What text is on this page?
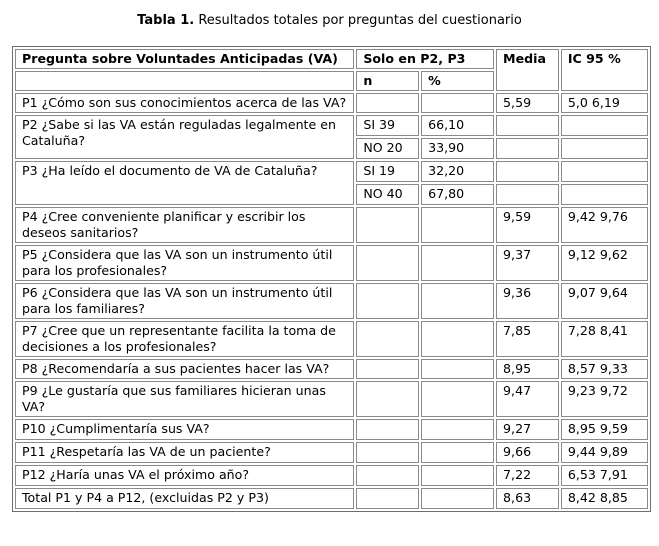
Tabla 1. Resultados totales por preguntas del cuestionario
Pregunta sobre Voluntades Anticipadas (VA)	Solo en P2, P3		Media	IC 95 %
	n	%		
P1 ¿Cómo son sus conocimientos acerca de las VA?			5,59	5,0 6,19
P2 ¿Sabe si las VA están reguladas legalmente en Cataluña?	SI 39	66,10		
	NO 20	33,90		
P3 ¿Ha leído el documento de VA de Cataluña?	SI 19	32,20		
	NO 40	67,80		
P4 ¿Cree conveniente planificar y escribir los deseos sanitarios?			9,59	9,42 9,76
P5 ¿Considera que las VA son un instrumento útil para los profesionales?			9,37	9,12 9,62
P6 ¿Considera que las VA son un instrumento útil para los familiares?			9,36	9,07 9,64
P7 ¿Cree que un representante facilita la toma de decisiones a los profesionales?			7,85	7,28 8,41
P8 ¿Recomendaría a sus pacientes hacer las VA?			8,95	8,57 9,33
P9 ¿Le gustaría que sus familiares hicieran unas VA?			9,47	9,23 9,72
P10 ¿Cumplimentaría sus VA?			9,27	8,95 9,59
P11 ¿Respetaría las VA de un paciente?			9,66	9,44 9,89
P12 ¿Haría unas VA el próximo año?			7,22	6,53 7,91
Total P1 y P4 a P12, (excluidas P2 y P3)			8,63	8,42 8,85
